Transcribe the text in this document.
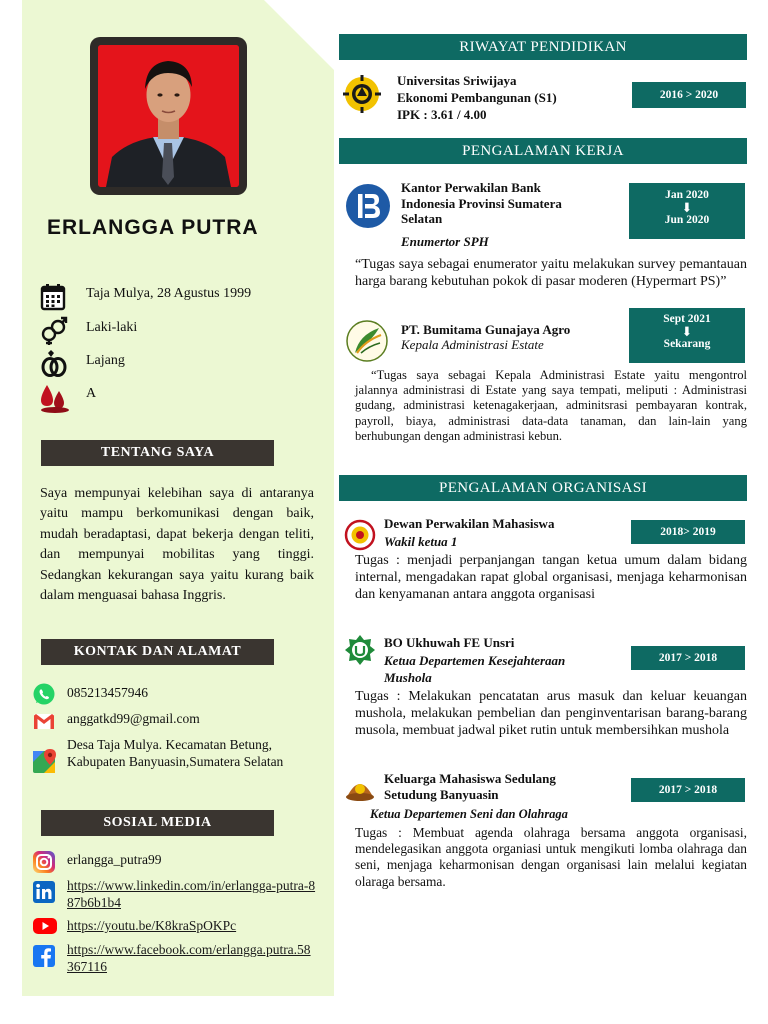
ERLANGGA PUTRA
Taja Mulya, 28 Agustus 1999
Laki-laki
Lajang
A
TENTANG SAYA
Saya mempunyai kelebihan saya di antaranya yaitu mampu berkomunikasi dengan baik, mudah beradaptasi, dapat bekerja dengan teliti, dan mempunyai mobilitas yang tinggi. Sedangkan kekurangan saya yaitu kurang baik dalam menguasai bahasa Inggris.
KONTAK DAN ALAMAT
085213457946
anggatkd99@gmail.com
Desa Taja Mulya. Kecamatan Betung, Kabupaten Banyuasin,Sumatera Selatan
SOSIAL MEDIA
erlangga_putra99
https://www.linkedin.com/in/erlangga-putra-887b6b1b4
https://youtu.be/K8kraSpOKPc
https://www.facebook.com/erlangga.putra.58367116
RIWAYAT PENDIDIKAN
Universitas Sriwijaya
Ekonomi Pembangunan (S1)
IPK : 3.61 / 4.00
2016 > 2020
PENGALAMAN KERJA
Kantor Perwakilan Bank Indonesia Provinsi Sumatera Selatan
Enumertor SPH
Jan 2020
⬇
Jun 2020
“Tugas saya sebagai enumerator yaitu melakukan survey pemantauan harga barang kebutuhan pokok di pasar moderen (Hypermart PS)”
PT. Bumitama Gunajaya Agro
Kepala Administrasi Estate
Sept 2021
⬇
Sekarang
“Tugas saya sebagai Kepala Administrasi Estate yaitu mengontrol jalannya administrasi di Estate yang saya tempati, meliputi : Administrasi gudang, administrasi ketenagakerjaan, adminitsrasi pembayaran kontrak, payroll, biaya, administrasi data-data tanaman, dan lain-lain yang berhubungan dengan administrasi kebun.
PENGALAMAN ORGANISASI
Dewan Perwakilan Mahasiswa
Wakil ketua 1
2018> 2019
Tugas : menjadi perpanjangan tangan ketua umum dalam bidang internal, mengadakan rapat global organisasi, menjaga keharmonisan dan kenyamanan antara anggota organisasi
BO Ukhuwah FE Unsri
Ketua Departemen Kesejahteraan Mushola
2017 > 2018
Tugas : Melakukan pencatatan arus masuk dan keluar keuangan mushola, melakukan pembelian dan penginventarisan barang-barang musola, membuat jadwal piket rutin untuk membersihkan mushola
Keluarga Mahasiswa Sedulang Setudung Banyuasin
Ketua Departemen Seni dan Olahraga
2017 > 2018
Tugas : Membuat agenda olahraga bersama anggota organisasi, mendelegasikan anggota organiasi untuk mengikuti lomba olahraga dan seni, menjaga keharmonisan dengan organisasi lain melalui kegiatan olaraga bersama.
